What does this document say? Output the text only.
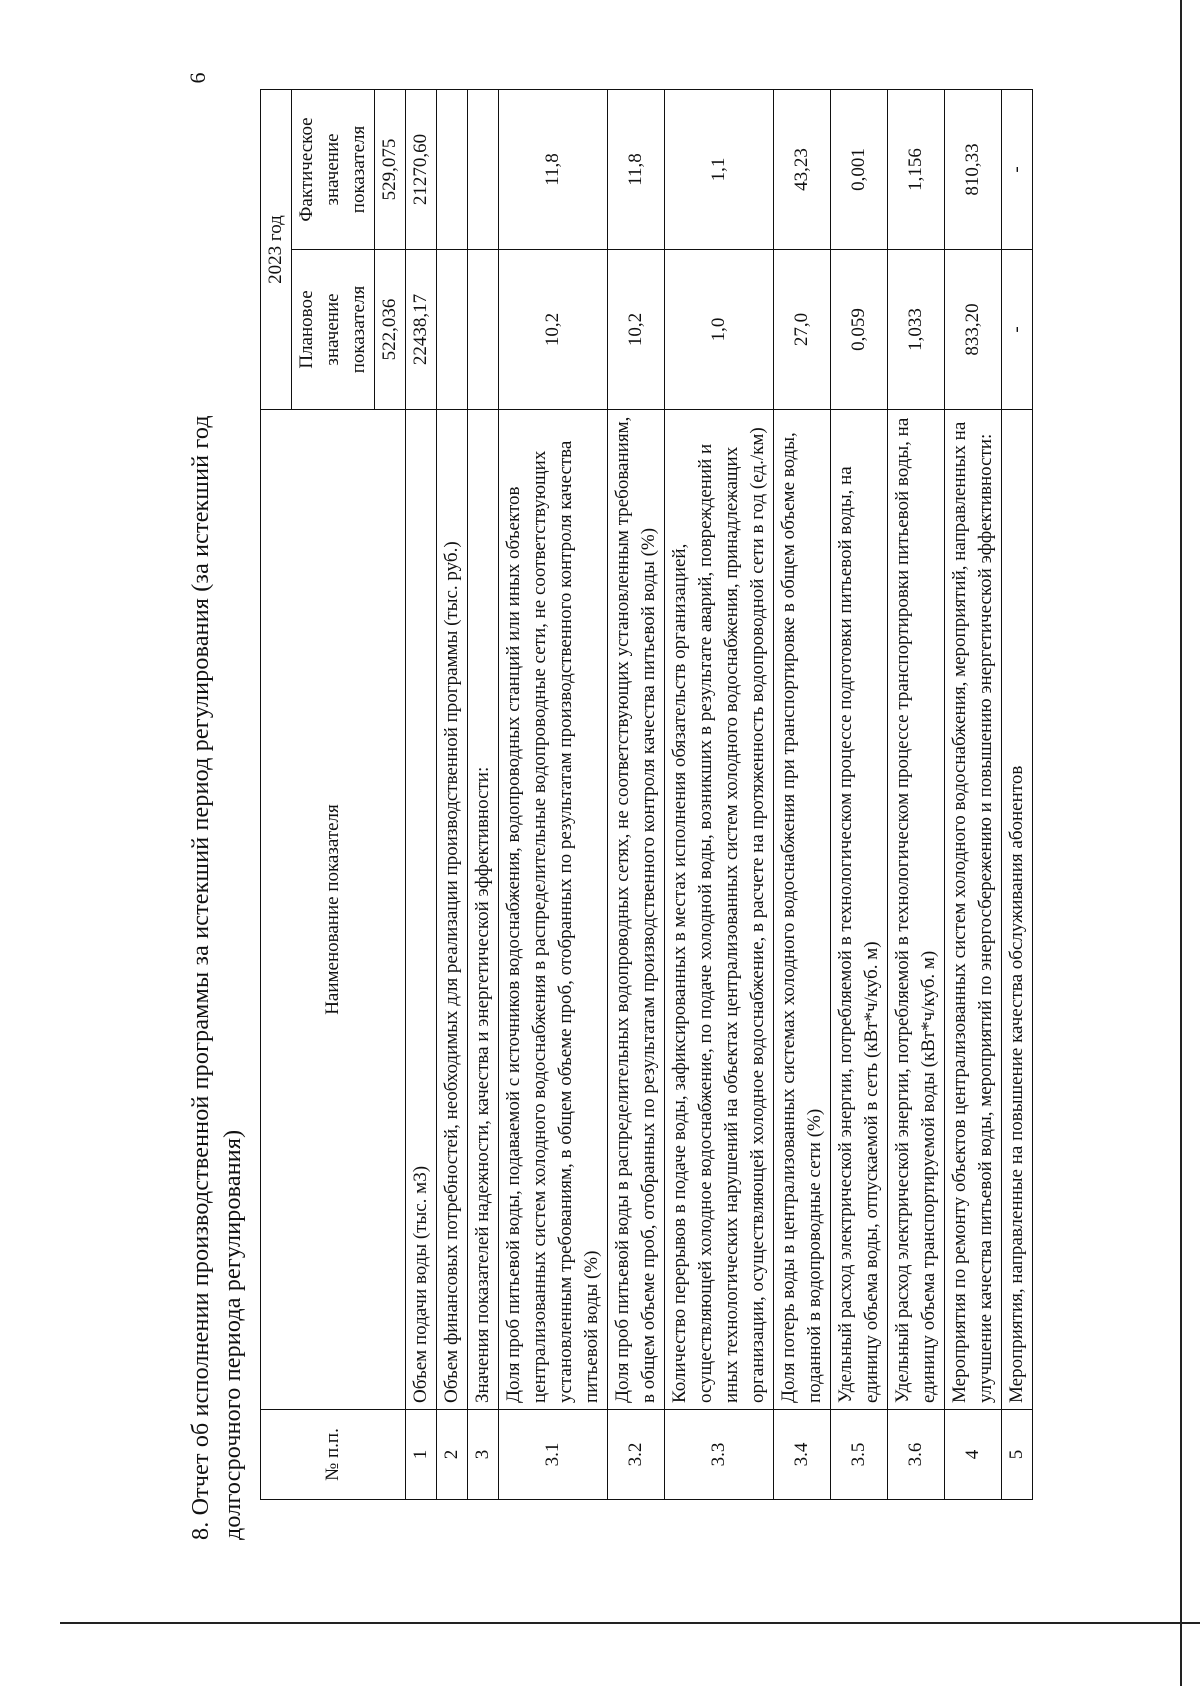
6
8. Отчет об исполнении производственной программы за истекший период регулирования (за истекший год долгосрочного периода регулирования)	№ п.п.	Наименование показателя	2023 год	
		Плановое значение показателя	Фактическое значение показателя
		522,036	529,075
1	Объем подачи воды (тыс. м3)	22438,17	21270,60
2	Объем финансовых потребностей, необходимых для реализации производственной программы (тыс. руб.)		
3	Значения показателей надежности, качества и энергетической эффективности:		
3.1	Доля проб питьевой воды, подаваемой с источников водоснабжения, водопроводных станций или иных объектов централизованных систем холодного водоснабжения в распределительные водопроводные сети, не соответствующих установленным требованиям, в общем объеме проб, отобранных по результатам производственного контроля качества питьевой воды (%)	10,2	11,8
3.2	Доля проб питьевой воды в распределительных водопроводных сетях, не соответствующих установленным требованиям, в общем объеме проб, отобранных по результатам производственного контроля качества питьевой воды (%)	10,2	11,8
3.3	Количество перерывов в подаче воды, зафиксированных в местах исполнения обязательств организацией, осуществляющей холодное водоснабжение, по подаче холодной воды, возникших в результате аварий, повреждений и иных технологических нарушений на объектах централизованных систем холодного водоснабжения, принадлежащих организации, осуществляющей холодное водоснабжение, в расчете на протяженность водопроводной сети в год (ед./км)	1,0	1,1
3.4	Доля потерь воды в централизованных системах холодного водоснабжения при транспортировке в общем объеме воды, поданной в водопроводные сети (%)	27,0	43,23
3.5	Удельный расход электрической энергии, потребляемой в технологическом процессе подготовки питьевой воды, на единицу объема воды, отпускаемой в сеть (кВт*ч/куб. м)	0,059	0,001
3.6	Удельный расход электрической энергии, потребляемой в технологическом процессе транспортировки питьевой воды, на единицу объема транспортируемой воды (кВт*ч/куб. м)	1,033	1,156
4	Мероприятия по ремонту объектов централизованных систем холодного водоснабжения, мероприятий, направленных на улучшение качества питьевой воды, мероприятий по энергосбережению и повышению энергетической эффективности:	833,20	810,33
5	Мероприятия, направленные на повышение качества обслуживания абонентов	-	-
